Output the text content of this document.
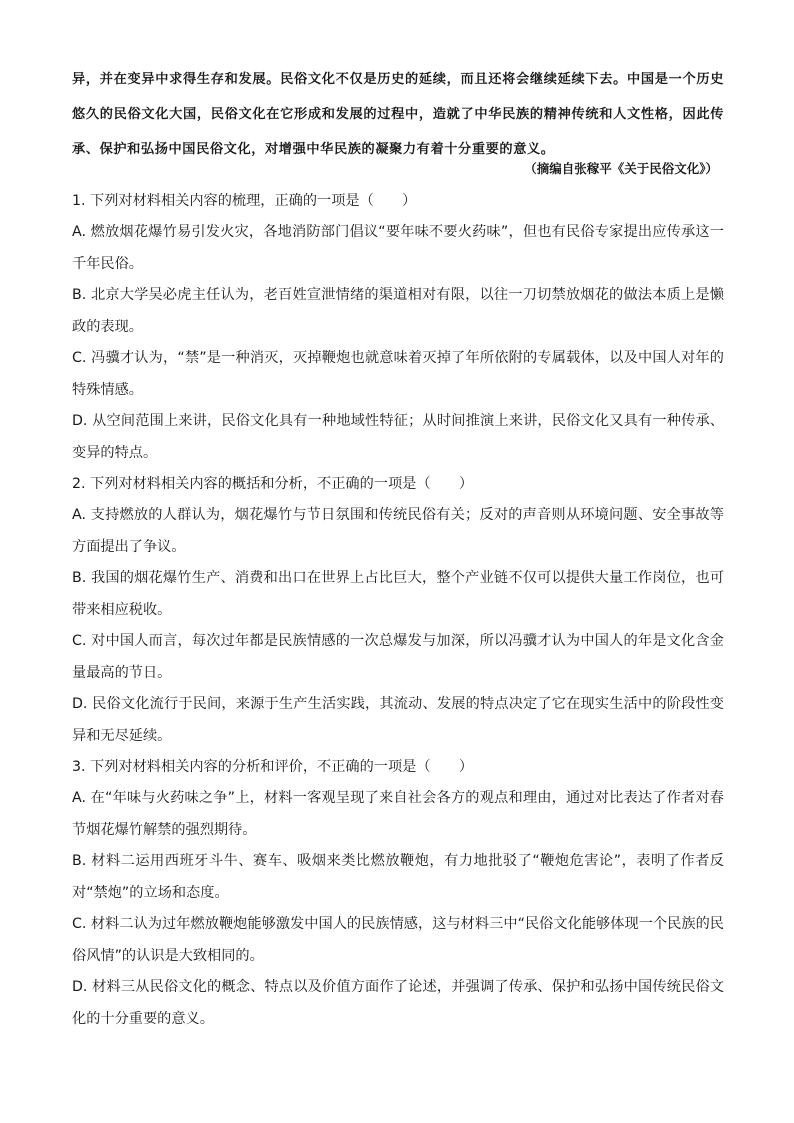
异，并在变异中求得生存和发展。民俗文化不仅是历史的延续，而且还将会继续延续下去。中国是一个历史悠久的民俗文化大国，民俗文化在它形成和发展的过程中，造就了中华民族的精神传统和人文性格，因此传承、保护和弘扬中国民俗文化，对增强中华民族的凝聚力有着十分重要的意义。

（摘编自张稼平《关于民俗文化》）

1. 下列对材料相关内容的梳理，正确的一项是（　　）

A. 燃放烟花爆竹易引发火灾，各地消防部门倡议“要年味不要火药味”，但也有民俗专家提出应传承这一千年民俗。

B. 北京大学吴必虎主任认为，老百姓宣泄情绪的渠道相对有限，以往一刀切禁放烟花的做法本质上是懒政的表现。

C. 冯骥才认为，“禁”是一种消灭，灭掉鞭炮也就意味着灭掉了年所依附的专属载体，以及中国人对年的特殊情感。

D. 从空间范围上来讲，民俗文化具有一种地域性特征；从时间推演上来讲，民俗文化又具有一种传承、变异的特点。

2. 下列对材料相关内容的概括和分析，不正确的一项是（　　）

A. 支持燃放的人群认为，烟花爆竹与节日氛围和传统民俗有关；反对的声音则从环境问题、安全事故等方面提出了争议。

B. 我国的烟花爆竹生产、消费和出口在世界上占比巨大，整个产业链不仅可以提供大量工作岗位，也可带来相应税收。

C. 对中国人而言，每次过年都是民族情感的一次总爆发与加深，所以冯骥才认为中国人的年是文化含金量最高的节日。

D. 民俗文化流行于民间，来源于生产生活实践，其流动、发展的特点决定了它在现实生活中的阶段性变异和无尽延续。

3. 下列对材料相关内容的分析和评价，不正确的一项是（　　）

A. 在“年味与火药味之争”上，材料一客观呈现了来自社会各方的观点和理由，通过对比表达了作者对春节烟花爆竹解禁的强烈期待。

B. 材料二运用西班牙斗牛、赛车、吸烟来类比燃放鞭炮，有力地批驳了“鞭炮危害论”，表明了作者反对“禁炮”的立场和态度。

C. 材料二认为过年燃放鞭炮能够激发中国人的民族情感，这与材料三中“民俗文化能够体现一个民族的民俗风情”的认识是大致相同的。

D. 材料三从民俗文化的概念、特点以及价值方面作了论述，并强调了传承、保护和弘扬中国传统民俗文化的十分重要的意义。
